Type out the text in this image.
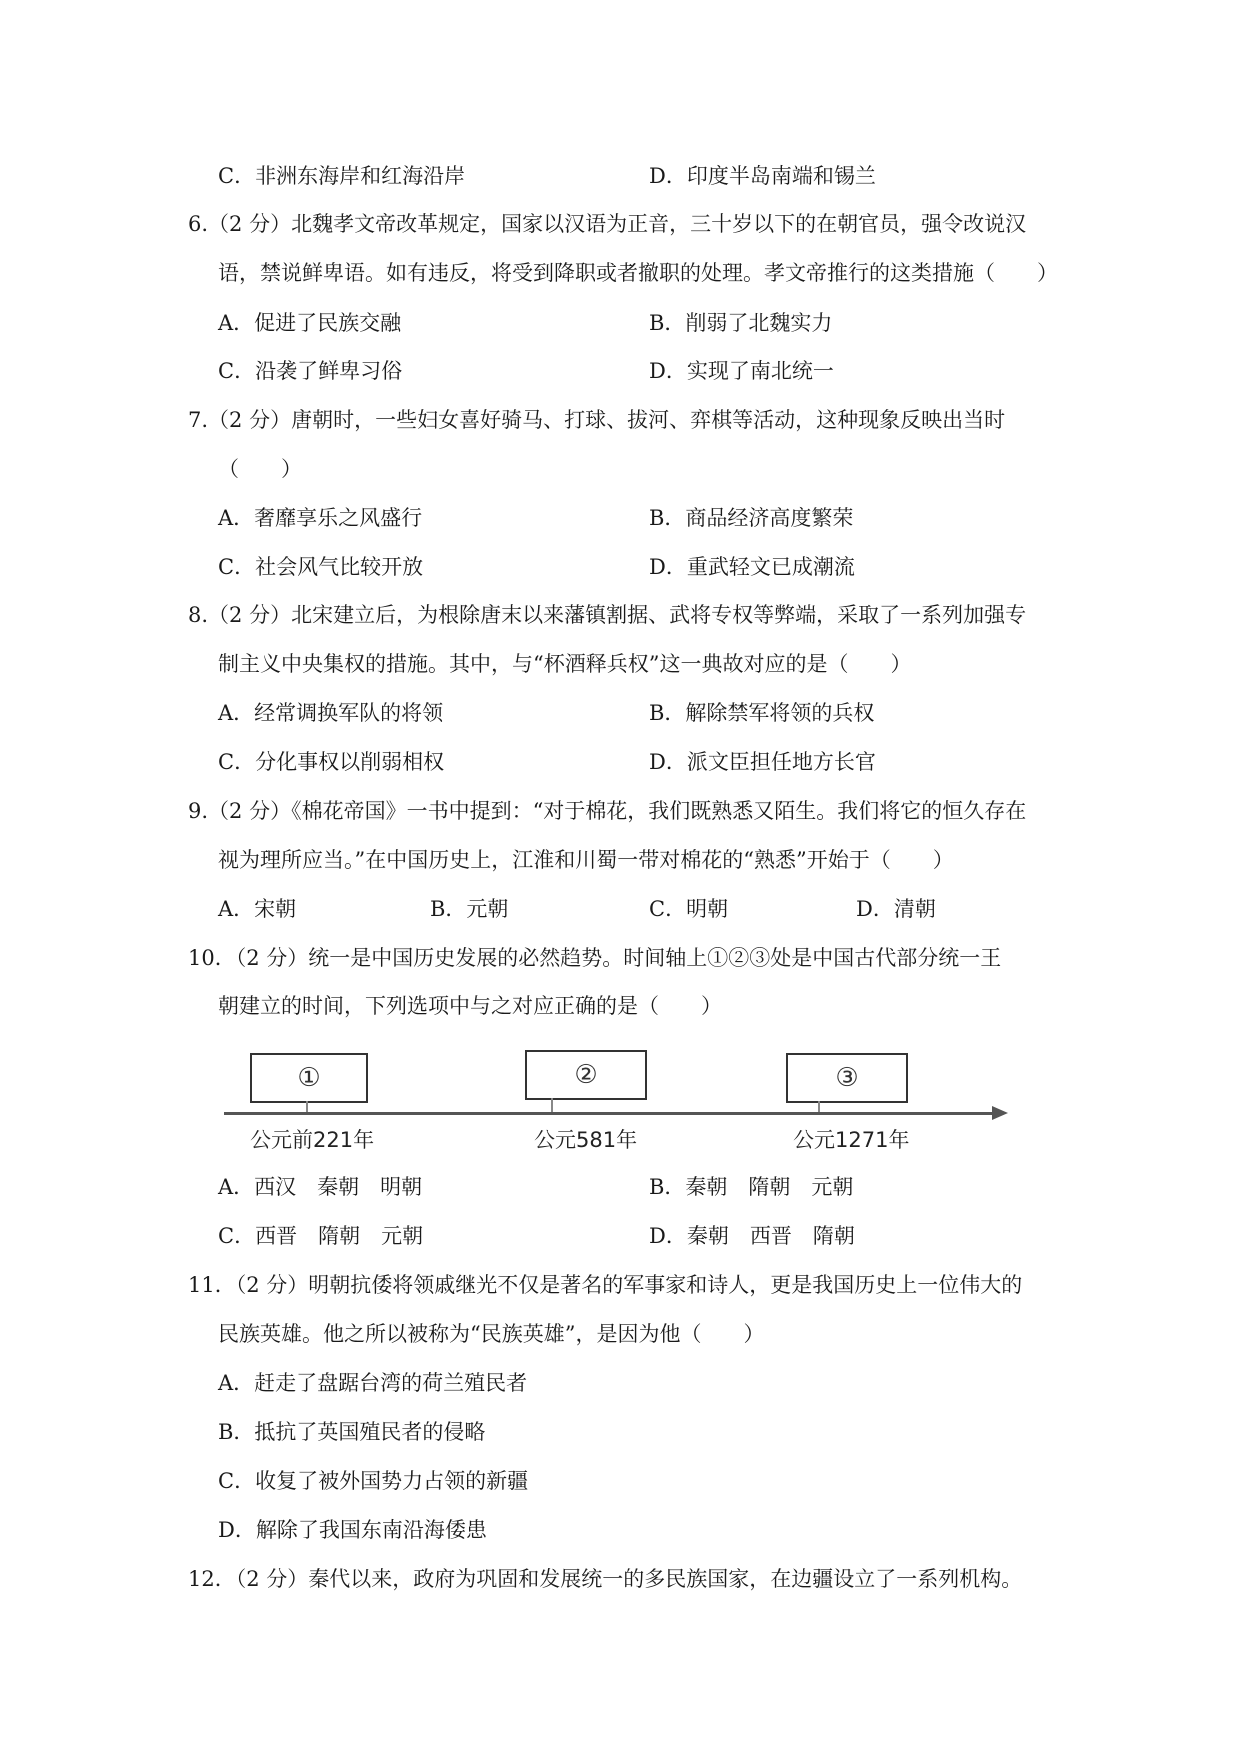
C．非洲东海岸和红海沿岸	D．印度半岛南端和锡兰
6.（2 分）北魏孝文帝改革规定，国家以汉语为正音，三十岁以下的在朝官员，强令改说汉
语，禁说鲜卑语。如有违反，将受到降职或者撤职的处理。孝文帝推行的这类措施（　　）
A．促进了民族交融	B．削弱了北魏实力
C．沿袭了鲜卑习俗	D．实现了南北统一
7.（2 分）唐朝时，一些妇女喜好骑马、打球、拔河、弈棋等活动，这种现象反映出当时
（　　）
A．奢靡享乐之风盛行	B．商品经济高度繁荣
C．社会风气比较开放	D．重武轻文已成潮流
8.（2 分）北宋建立后，为根除唐末以来藩镇割据、武将专权等弊端，采取了一系列加强专
制主义中央集权的措施。其中，与“杯酒释兵权”这一典故对应的是（　　）
A．经常调换军队的将领	B．解除禁军将领的兵权
C．分化事权以削弱相权	D．派文臣担任地方长官
9.（2 分）《棉花帝国》一书中提到：“对于棉花，我们既熟悉又陌生。我们将它的恒久存在
视为理所应当。”在中国历史上，江淮和川蜀一带对棉花的“熟悉”开始于（　　）
A．宋朝	B．元朝	C．明朝	D．清朝
10．（2 分）统一是中国历史发展的必然趋势。时间轴上①②③处是中国古代部分统一王
朝建立的时间，下列选项中与之对应正确的是（　　）
①	②	③
公元前221年	公元581年	公元1271年
A．西汉　秦朝　明朝	B．秦朝　隋朝　元朝
C．西晋　隋朝　元朝	D．秦朝　西晋　隋朝
11．（2 分）明朝抗倭将领戚继光不仅是著名的军事家和诗人，更是我国历史上一位伟大的
民族英雄。他之所以被称为“民族英雄”，是因为他（　　）
A．赶走了盘踞台湾的荷兰殖民者
B．抵抗了英国殖民者的侵略
C．收复了被外国势力占领的新疆
D．解除了我国东南沿海倭患
12．（2 分）秦代以来，政府为巩固和发展统一的多民族国家，在边疆设立了一系列机构。
